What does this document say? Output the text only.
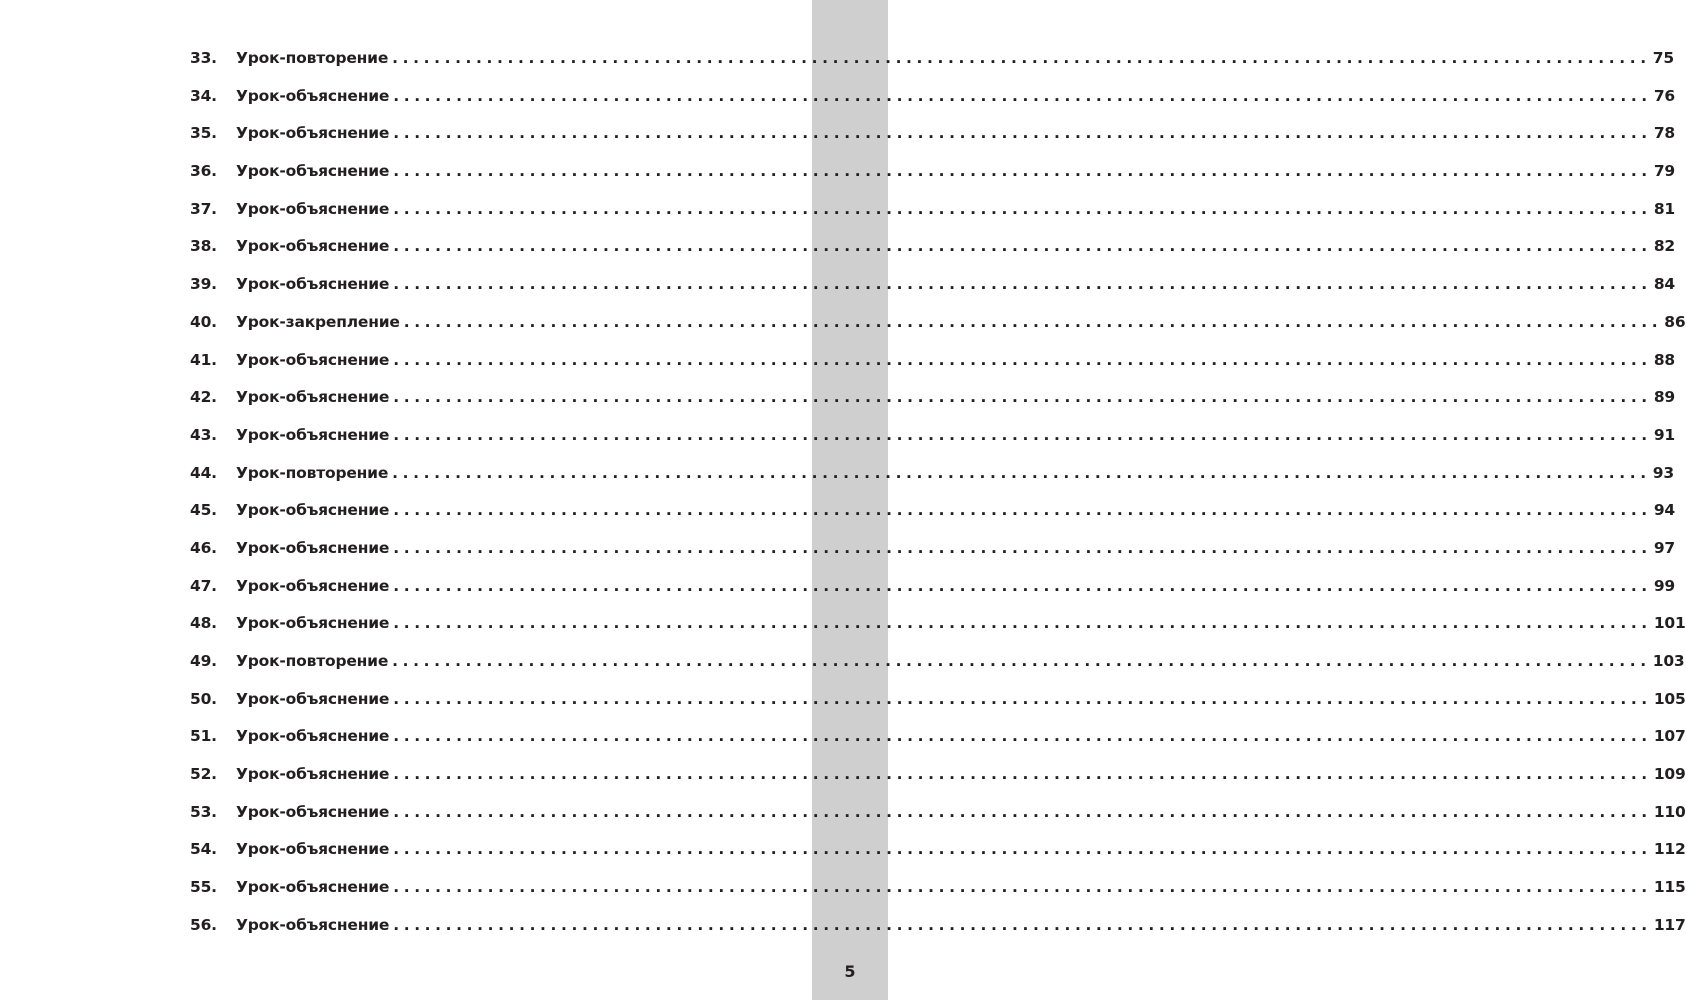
5
33.	Урок-повторение ........................................................................................................................ 75
34.	Урок-объяснение ........................................................................................................................ 76
35.	Урок-объяснение ........................................................................................................................ 78
36.	Урок-объяснение ........................................................................................................................ 79
37.	Урок-объяснение ........................................................................................................................ 81
38.	Урок-объяснение ........................................................................................................................ 82
39.	Урок-объяснение ........................................................................................................................ 84
40.	Урок-закрепление ........................................................................................................................ 86
41.	Урок-объяснение ........................................................................................................................ 88
42.	Урок-объяснение ........................................................................................................................ 89
43.	Урок-объяснение ........................................................................................................................ 91
44.	Урок-повторение ........................................................................................................................ 93
45.	Урок-объяснение ........................................................................................................................ 94
46.	Урок-объяснение ........................................................................................................................ 97
47.	Урок-объяснение ........................................................................................................................ 99
48.	Урок-объяснение ........................................................................................................................ 101
49.	Урок-повторение ........................................................................................................................ 103
50.	Урок-объяснение ........................................................................................................................ 105
51.	Урок-объяснение ........................................................................................................................ 107
52.	Урок-объяснение ........................................................................................................................ 109
53.	Урок-объяснение ........................................................................................................................ 110
54.	Урок-объяснение ........................................................................................................................ 112
55.	Урок-объяснение ........................................................................................................................ 115
56.	Урок-объяснение ........................................................................................................................ 117
